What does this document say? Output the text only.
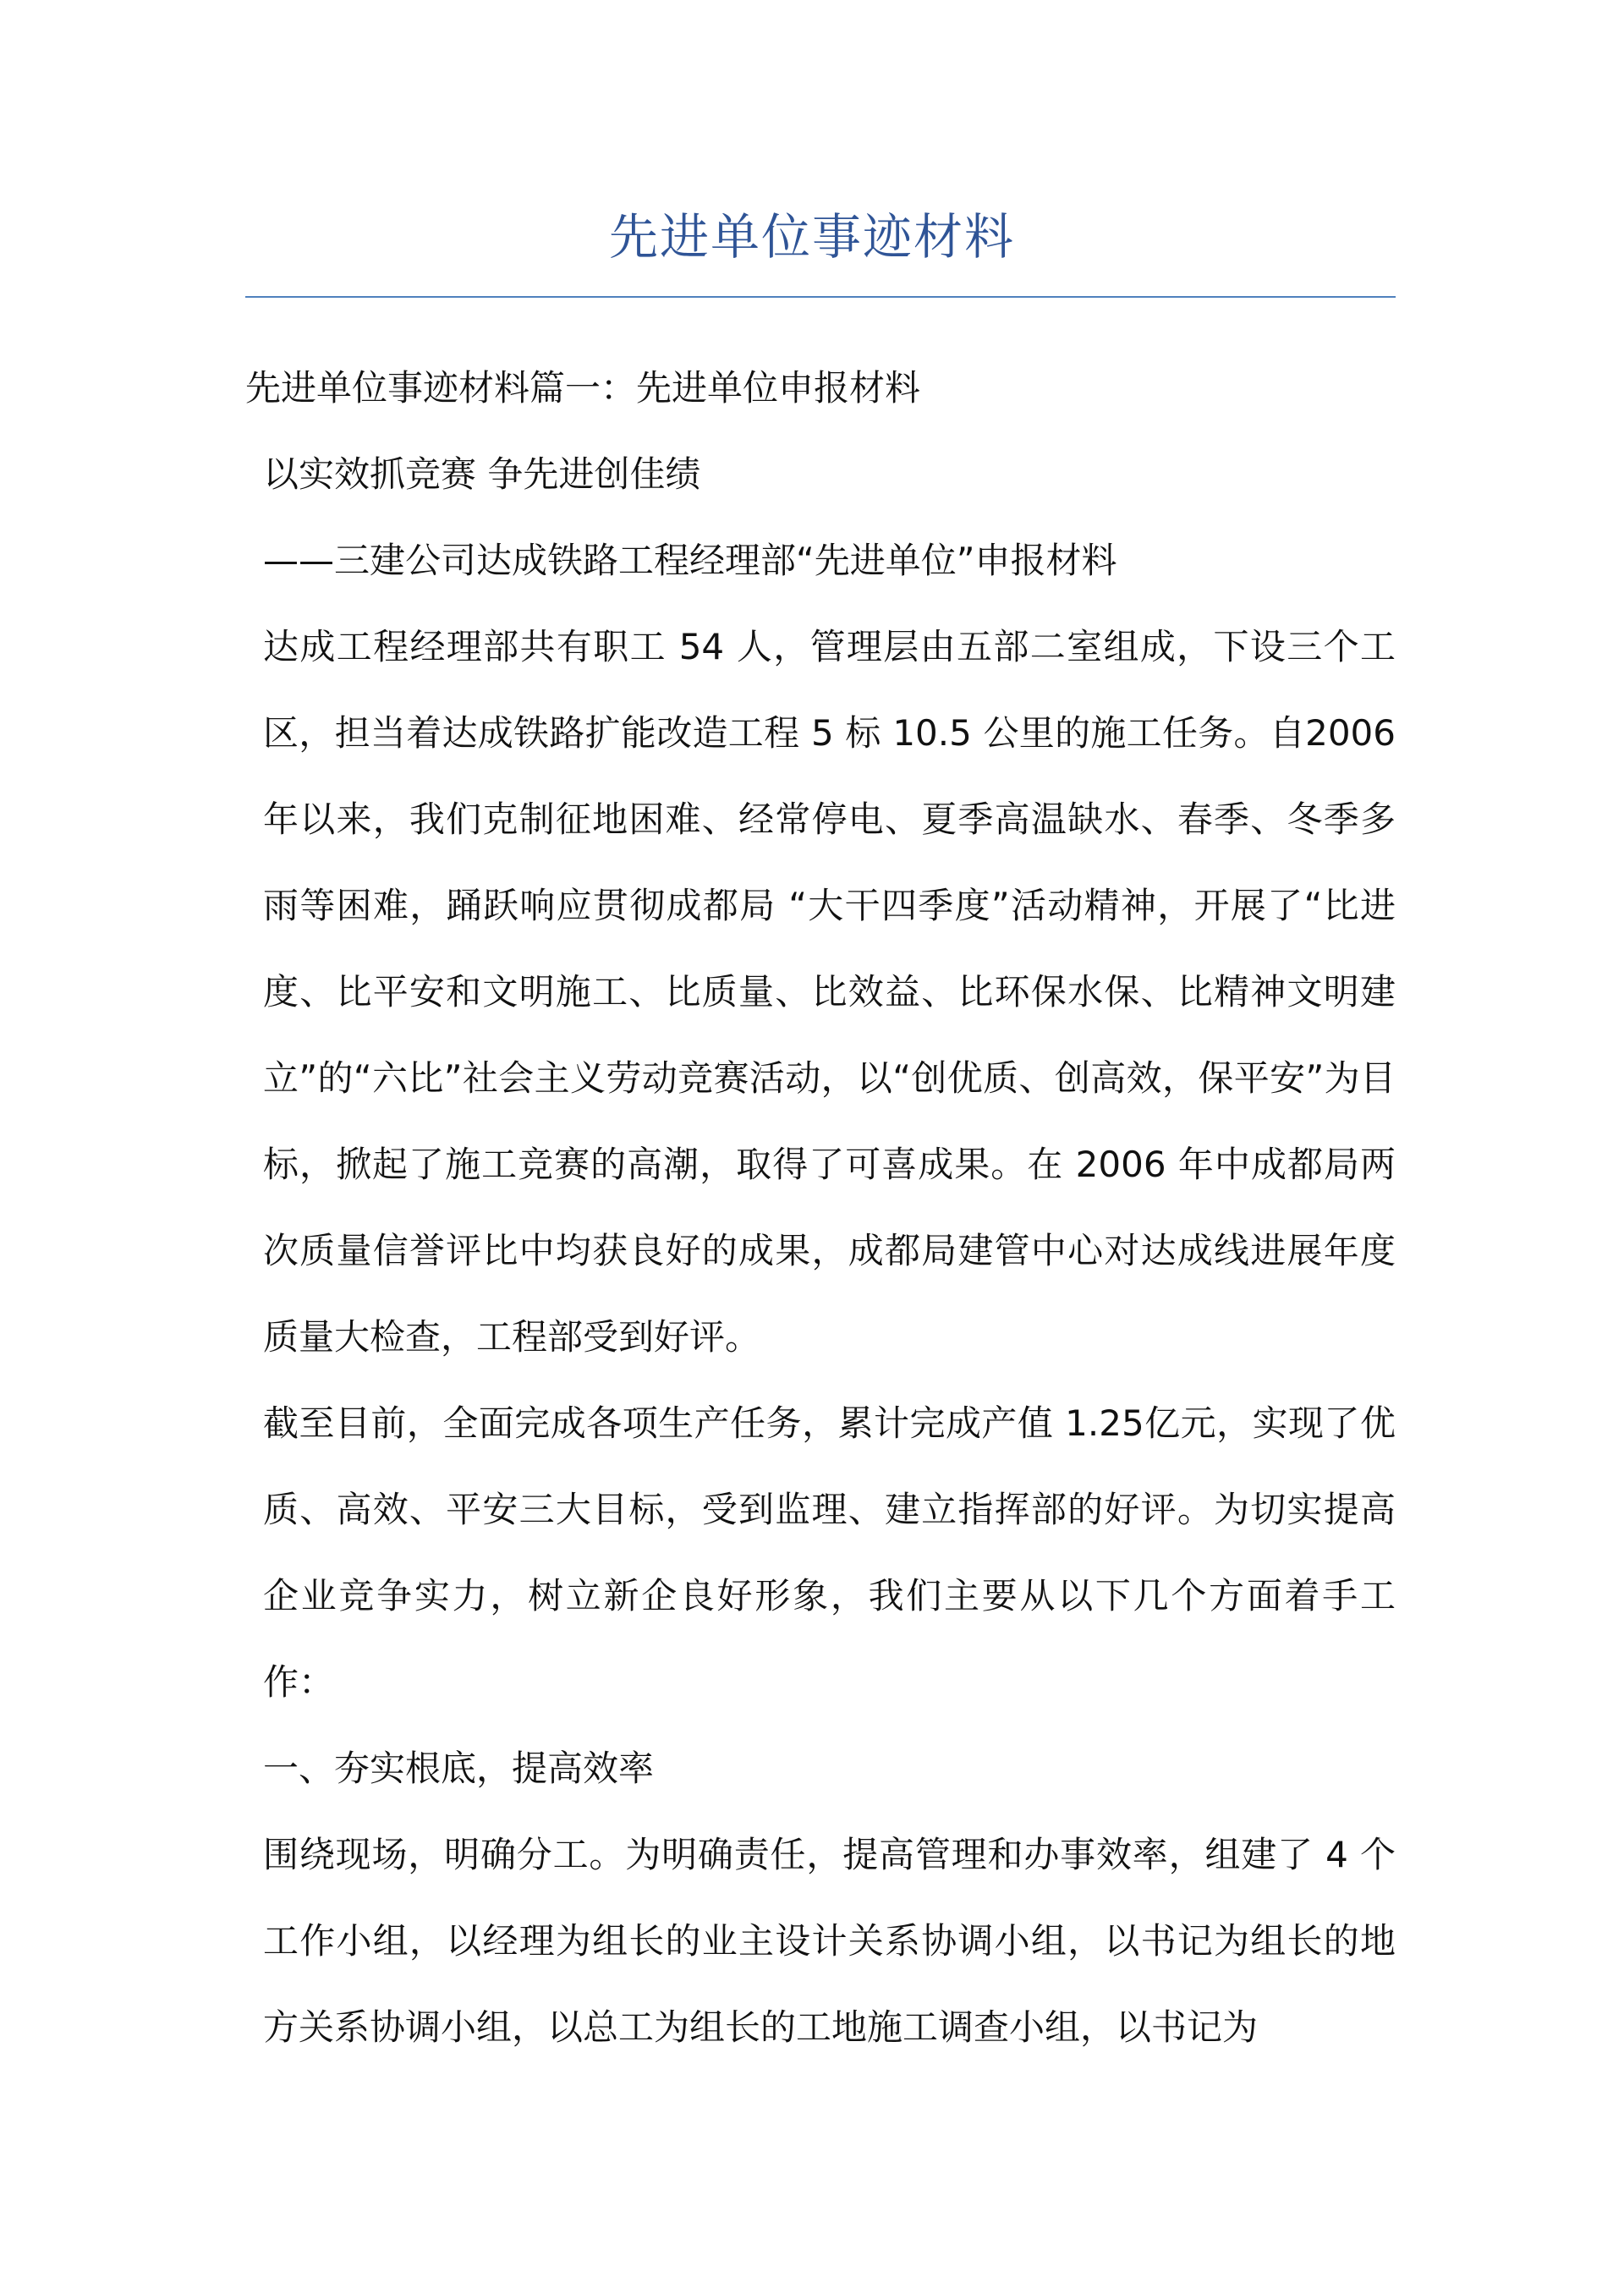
先进单位事迹材料

先进单位事迹材料篇一：先进单位申报材料

以实效抓竞赛 争先进创佳绩

——三建公司达成铁路工程经理部“先进单位”申报材料

达成工程经理部共有职工 54 人，管理层由五部二室组成，下设三个工区，担当着达成铁路扩能改造工程 5 标 10.5 公里的施工任务。自2006 年以来，我们克制征地困难、经常停电、夏季高温缺水、春季、冬季多雨等困难，踊跃响应贯彻成都局 “大干四季度”活动精神，开展了“比进度、比平安和文明施工、比质量、比效益、比环保水保、比精神文明建立”的“六比”社会主义劳动竞赛活动，以“创优质、创高效，保平安”为目标，掀起了施工竞赛的高潮，取得了可喜成果。在 2006 年中成都局两次质量信誉评比中均获良好的成果，成都局建管中心对达成线进展年度质量大检查，工程部受到好评。

截至目前，全面完成各项生产任务，累计完成产值 1.25亿元，实现了优质、高效、平安三大目标，受到监理、建立指挥部的好评。为切实提高企业竞争实力，树立新企良好形象，我们主要从以下几个方面着手工作：

一、夯实根底，提高效率

围绕现场，明确分工。为明确责任，提高管理和办事效率，组建了 4 个工作小组，以经理为组长的业主设计关系协调小组，以书记为组长的地方关系协调小组，以总工为组长的工地施工调查小组，以书记为
